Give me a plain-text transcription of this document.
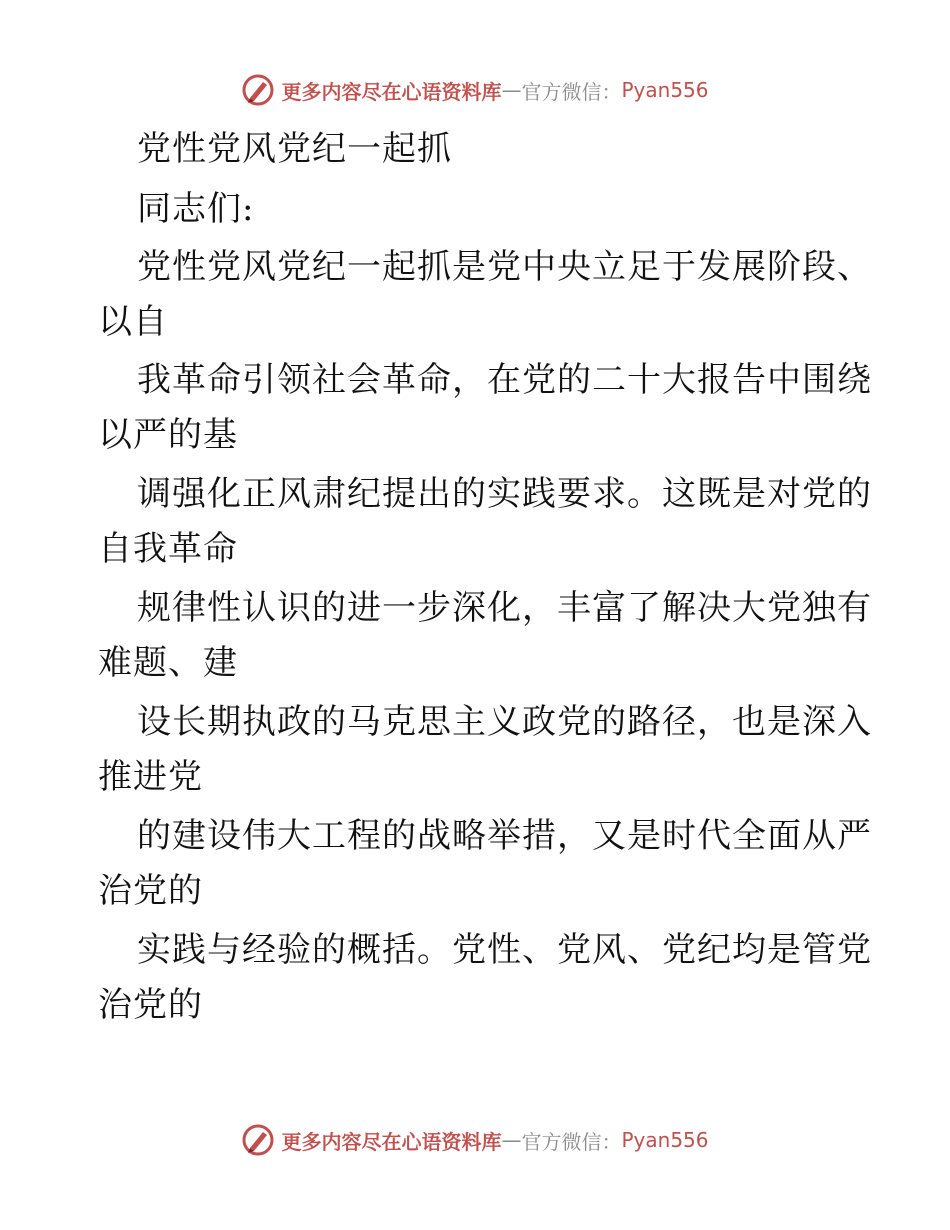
更多内容尽在心语资料库 — 官方微信： Pyan556
党性党风党纪一起抓
同志们:
党性党风党纪一起抓是党中央立足于发展阶段、
以自
我革命引领社会革命，在党的二十大报告中围绕
以严的基
调强化正风肃纪提出的实践要求。这既是对党的
自我革命
规律性认识的进一步深化，丰富了解决大党独有
难题、建
设长期执政的马克思主义政党的路径，也是深入
推进党
的建设伟大工程的战略举措，又是时代全面从严
治党的
实践与经验的概括。党性、党风、党纪均是管党
治党的
更多内容尽在心语资料库 — 官方微信： Pyan556
